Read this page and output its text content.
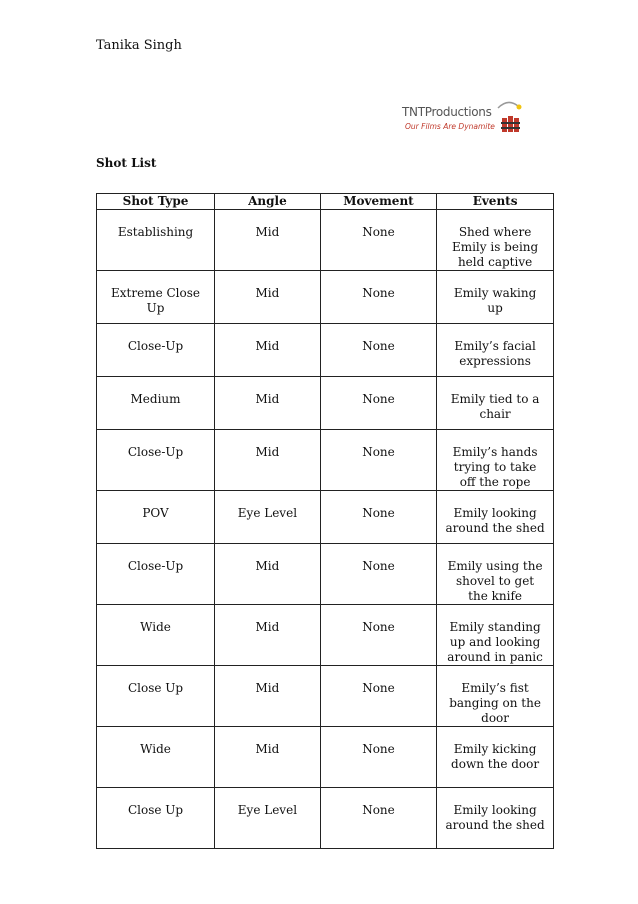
Tanika Singh
TNTProductions
Our Films Are Dynamite
Shot List
Shot Type	Angle	Movement	Events
Establishing	Mid	None	Shed where Emily is being held captive
Extreme Close Up	Mid	None	Emily waking up
Close-Up	Mid	None	Emily’s facial expressions
Medium	Mid	None	Emily tied to a chair
Close-Up	Mid	None	Emily’s hands trying to take off the rope
POV	Eye Level	None	Emily looking around the shed
Close-Up	Mid	None	Emily using the shovel to get the knife
Wide	Mid	None	Emily standing up and looking around in panic
Close Up	Mid	None	Emily’s fist banging on the door
Wide	Mid	None	Emily kicking down the door
Close Up	Eye Level	None	Emily looking around the shed
